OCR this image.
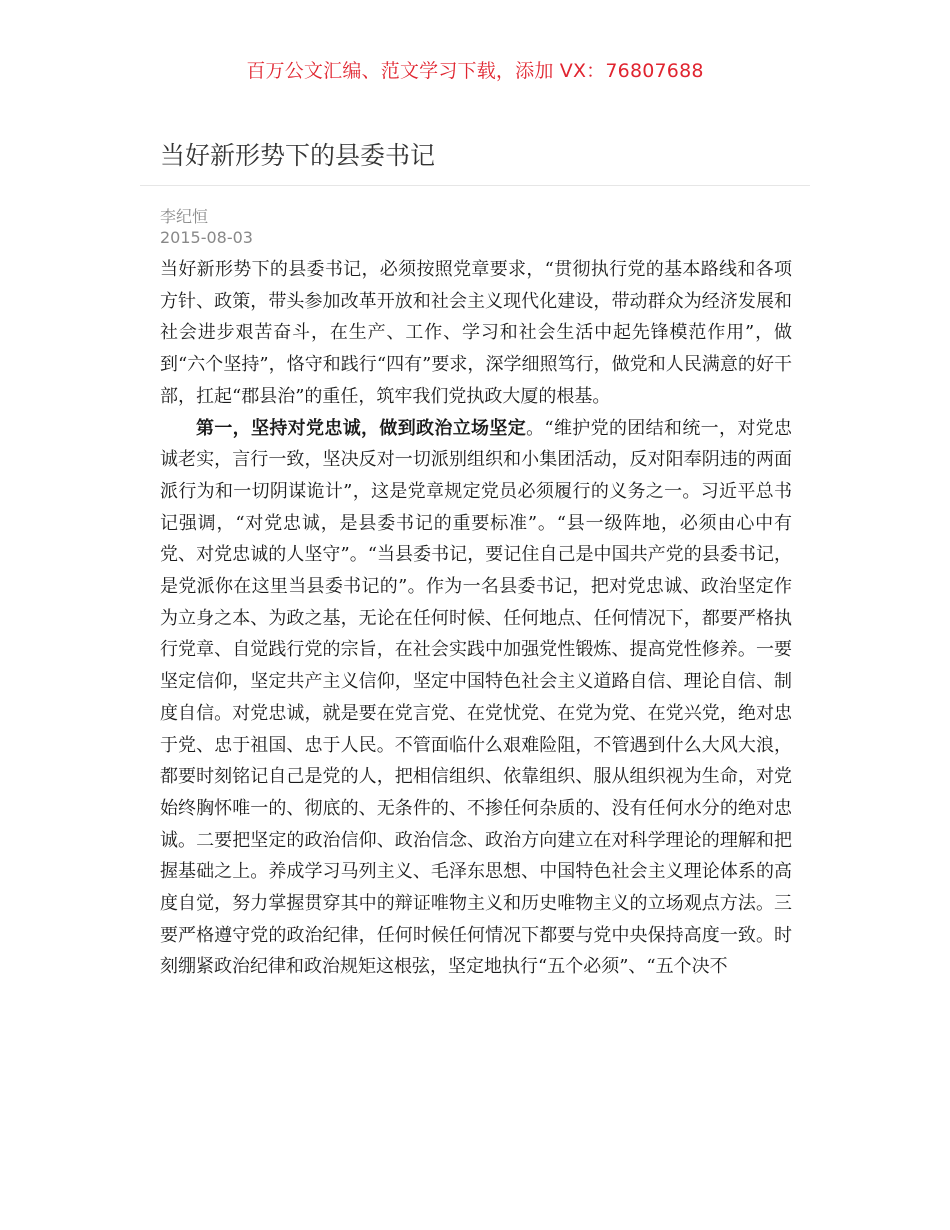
百万公文汇编、范文学习下载，添加 VX：76807688
当好新形势下的县委书记
李纪恒
2015-08-03

当好新形势下的县委书记，必须按照党章要求，“贯彻执行党的基本路线和各项方针、政策，带头参加改革开放和社会主义现代化建设，带动群众为经济发展和社会进步艰苦奋斗，在生产、工作、学习和社会生活中起先锋模范作用”，做到“六个坚持”，恪守和践行“四有”要求，深学细照笃行，做党和人民满意的好干部，扛起“郡县治”的重任，筑牢我们党执政大厦的根基。

第一，坚持对党忠诚，做到政治立场坚定。“维护党的团结和统一，对党忠诚老实，言行一致，坚决反对一切派别组织和小集团活动，反对阳奉阴违的两面派行为和一切阴谋诡计”，这是党章规定党员必须履行的义务之一。习近平总书记强调，“对党忠诚，是县委书记的重要标准”。“县一级阵地，必须由心中有党、对党忠诚的人坚守”。“当县委书记，要记住自己是中国共产党的县委书记，是党派你在这里当县委书记的”。作为一名县委书记，把对党忠诚、政治坚定作为立身之本、为政之基，无论在任何时候、任何地点、任何情况下，都要严格执行党章、自觉践行党的宗旨，在社会实践中加强党性锻炼、提高党性修养。一要坚定信仰，坚定共产主义信仰，坚定中国特色社会主义道路自信、理论自信、制度自信。对党忠诚，就是要在党言党、在党忧党、在党为党、在党兴党，绝对忠于党、忠于祖国、忠于人民。不管面临什么艰难险阻，不管遇到什么大风大浪，都要时刻铭记自己是党的人，把相信组织、依靠组织、服从组织视为生命，对党始终胸怀唯一的、彻底的、无条件的、不掺任何杂质的、没有任何水分的绝对忠诚。二要把坚定的政治信仰、政治信念、政治方向建立在对科学理论的理解和把握基础之上。养成学习马列主义、毛泽东思想、中国特色社会主义理论体系的高度自觉，努力掌握贯穿其中的辩证唯物主义和历史唯物主义的立场观点方法。三要严格遵守党的政治纪律，任何时候任何情况下都要与党中央保持高度一致。时刻绷紧政治纪律和政治规矩这根弦，坚定地执行“五个必须”、“五个决不
